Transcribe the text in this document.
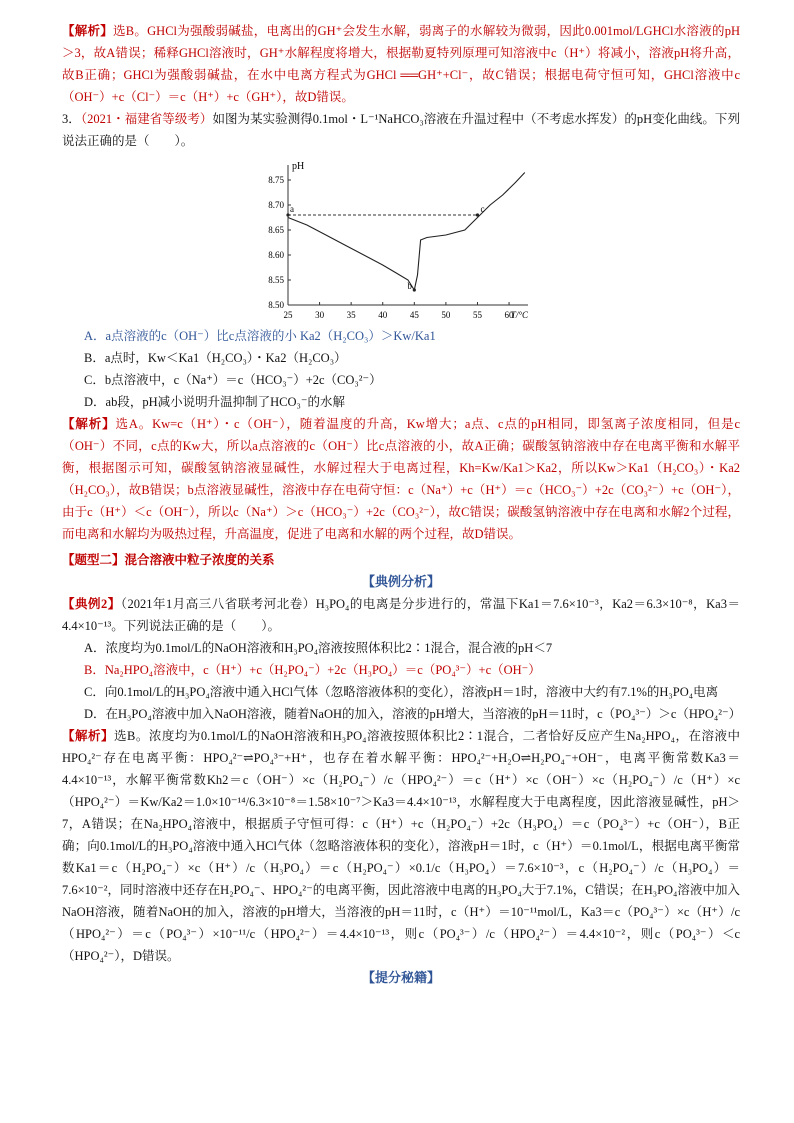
【解析】选B。GHCl为强酸弱碱盐，电离出的GH⁺会发生水解，弱离子的水解较为微弱，因此0.001mol/LGHCl水溶液的pH＞3，故A错误；稀释GHCl溶液时，GH⁺水解程度将增大，根据勒夏特列原理可知溶液中c（H⁺）将减小，溶液pH将升高，故B正确；GHCl为强酸弱碱盐，在水中电离方程式为GHCl ══GH⁺+Cl⁻，故C错误；根据电荷守恒可知，GHCl溶液中c（OH⁻）+c（Cl⁻）＝c（H⁺）+c（GH⁺），故D错误。

3．（2021・福建省等级考）如图为某实验测得0.1mol・L⁻¹NaHCO₃溶液在升温过程中（不考虑水挥发）的pH变化曲线。下列说法正确的是（　　）。

25	30	35	40	45	50	55	60
8.50
8.55
8.60
8.65
8.70
8.75
pH
T/°C
a
b
c

A．a点溶液的c（OH⁻）比c点溶液的小 Ka2（H₂CO₃）＞Kw/Ka1

B．a点时，Kw＜Ka1（H₂CO₃）・Ka2（H₂CO₃）

C．b点溶液中，c（Na⁺）＝c（HCO₃⁻）+2c（CO₃²⁻）

D．ab段，pH减小说明升温抑制了HCO₃⁻的水解

【解析】选A。Kw=c（H⁺）・c（OH⁻），随着温度的升高，Kw增大；a点、c点的pH相同，即氢离子浓度相同，但是c（OH⁻）不同，c点的Kw大，所以a点溶液的c（OH⁻）比c点溶液的小，故A正确；碳酸氢钠溶液中存在电离平衡和水解平衡，根据图示可知，碳酸氢钠溶液显碱性，水解过程大于电离过程，Kh=Kw/Ka1＞Ka2，所以Kw＞Ka1（H₂CO₃）・Ka2（H₂CO₃），故B错误；b点溶液显碱性，溶液中存在电荷守恒：c（Na⁺）+c（H⁺）＝c（HCO₃⁻）+2c（CO₃²⁻）+c（OH⁻），由于c（H⁺）＜c（OH⁻），所以c（Na⁺）＞c（HCO₃⁻）+2c（CO₃²⁻），故C错误；碳酸氢钠溶液中存在电离和水解2个过程，而电离和水解均为吸热过程，升高温度，促进了电离和水解的两个过程，故D错误。

【题型二】混合溶液中粒子浓度的关系

【典例分析】

【典例2】（2021年1月高三八省联考河北卷）H₃PO₄的电离是分步进行的，常温下Ka1＝7.6×10⁻³，Ka2＝6.3×10⁻⁸，Ka3＝4.4×10⁻¹³。下列说法正确的是（　　）。

A．浓度均为0.1mol/L的NaOH溶液和H₃PO₄溶液按照体积比2∶1混合，混合液的pH＜7

B．Na₂HPO₄溶液中，c（H⁺）+c（H₂PO₄⁻）+2c（H₃PO₄）＝c（PO₄³⁻）+c（OH⁻）

C．向0.1mol/L的H₃PO₄溶液中通入HCl气体（忽略溶液体积的变化），溶液pH＝1时，溶液中大约有7.1%的H₃PO₄电离

D．在H₃PO₄溶液中加入NaOH溶液，随着NaOH的加入，溶液的pH增大，当溶液的pH＝11时，c（PO₄³⁻）＞c（HPO₄²⁻）

【解析】选B。浓度均为0.1mol/L的NaOH溶液和H₃PO₄溶液按照体积比2∶1混合，二者恰好反应产生Na₂HPO₄，在溶液中HPO₄²⁻存在电离平衡：HPO₄²⁻⇌PO₄³⁻+H⁺，也存在着水解平衡：HPO₄²⁻+H₂O⇌H₂PO₄⁻+OH⁻，电离平衡常数Ka3＝4.4×10⁻¹³，水解平衡常数Kh2＝c（OH⁻）×c（H₂PO₄⁻）/c（HPO₄²⁻）＝c（H⁺）×c（OH⁻）×c（H₂PO₄⁻）/c（H⁺）×c（HPO₄²⁻）＝Kw/Ka2＝1.0×10⁻¹⁴/6.3×10⁻⁸＝1.58×10⁻⁷＞Ka3＝4.4×10⁻¹³，水解程度大于电离程度，因此溶液显碱性，pH＞7，A错误；在Na₂HPO₄溶液中，根据质子守恒可得：c（H⁺）+c（H₂PO₄⁻）+2c（H₃PO₄）＝c（PO₄³⁻）+c（OH⁻），B正确；向0.1mol/L的H₃PO₄溶液中通入HCl气体（忽略溶液体积的变化），溶液pH＝1时，c（H⁺）＝0.1mol/L，根据电离平衡常数Ka1＝c（H₂PO₄⁻）×c（H⁺）/c（H₃PO₄）＝c（H₂PO₄⁻）×0.1/c（H₃PO₄）＝7.6×10⁻³，c（H₂PO₄⁻）/c（H₃PO₄）＝7.6×10⁻²，同时溶液中还存在H₂PO₄⁻、HPO₄²⁻的电离平衡，因此溶液中电离的H₃PO₄大于7.1%，C错误；在H₃PO₄溶液中加入NaOH溶液，随着NaOH的加入，溶液的pH增大，当溶液的pH＝11时，c（H⁺）＝10⁻¹¹mol/L，Ka3＝c（PO₄³⁻）×c（H⁺）/c（HPO₄²⁻）＝c（PO₄³⁻）×10⁻¹¹/c（HPO₄²⁻）＝4.4×10⁻¹³，则c（PO₄³⁻）/c（HPO₄²⁻）＝4.4×10⁻²，则c（PO₄³⁻）＜c（HPO₄²⁻），D错误。

【提分秘籍】
